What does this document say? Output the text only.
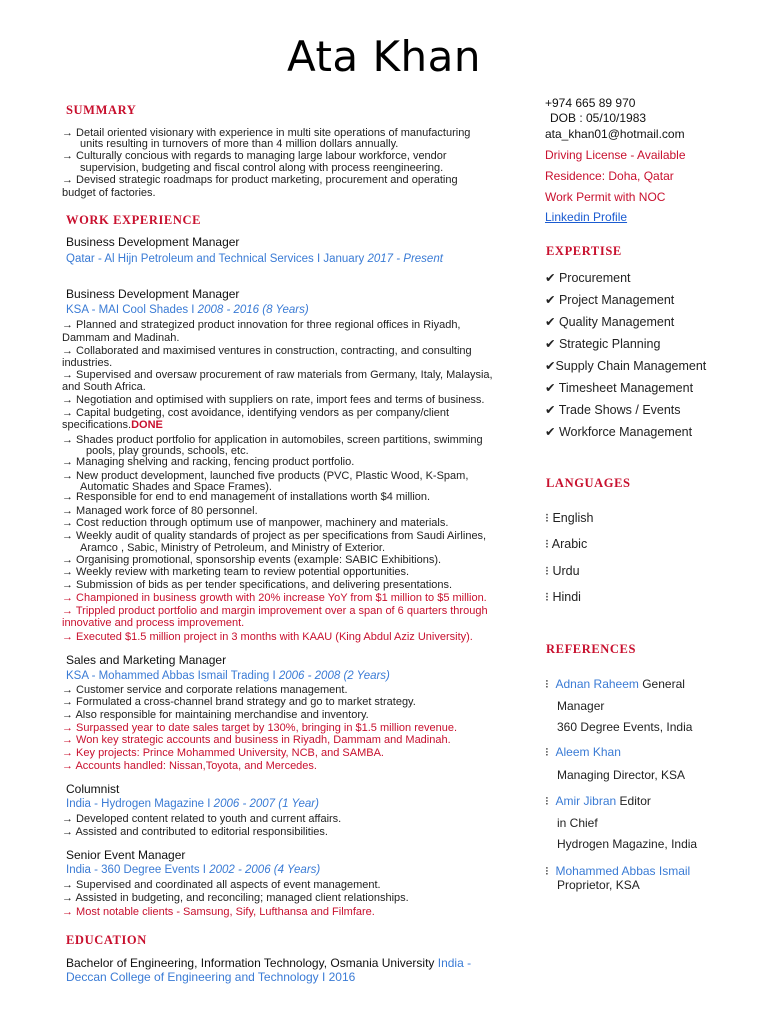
Ata Khan
SUMMARY
→ Detail oriented visionary with experience in multi site operations of manufacturing
units resulting in turnovers of more than 4 million dollars annually.
→ Culturally concious with regards to managing large labour workforce, vendor
supervision, budgeting and fiscal control along with process reengineering.
→ Devised strategic roadmaps for product marketing, procurement and operating
budget of factories.
WORK EXPERIENCE
Business Development Manager
Qatar - Al Hijn Petroleum and Technical Services I January 2017 - Present
Business Development Manager
KSA - MAI Cool Shades I 2008 - 2016 (8 Years)
→ Planned and strategized product innovation for three regional offices in Riyadh,
Dammam and Madinah.
→ Collaborated and maximised ventures in construction, contracting, and consulting
industries.
→ Supervised and oversaw procurement of raw materials from Germany, Italy, Malaysia,
and South Africa.
→ Negotiation and optimised with suppliers on rate, import fees and terms of business.
→ Capital budgeting, cost avoidance, identifying vendors as per company/client
specifications.DONE
→ Shades product portfolio for application in automobiles, screen partitions, swimming
pools, play grounds, schools, etc.
→ Managing shelving and racking, fencing product portfolio.
→ New product development, launched five products (PVC, Plastic Wood, K-Spam,
Automatic Shades and Space Frames).
→ Responsible for end to end management of installations worth $4 million.
→ Managed work force of 80 personnel.
→ Cost reduction through optimum use of manpower, machinery and materials.
→ Weekly audit of quality standards of project as per specifications from Saudi Airlines,
Aramco , Sabic, Ministry of Petroleum, and Ministry of Exterior.
→ Organising promotional, sponsorship events (example: SABIC Exhibitions).
→ Weekly review with marketing team to review potential opportunities.
→ Submission of bids as per tender specifications, and delivering presentations.
→ Championed in business growth with 20% increase YoY from $1 million to $5 million.
→ Trippled product portfolio and margin improvement over a span of 6 quarters through
innovative and process improvement.
→ Executed $1.5 million project in 3 months with KAAU (King Abdul Aziz University).
Sales and Marketing Manager
KSA - Mohammed Abbas Ismail Trading I 2006 - 2008 (2 Years)
→ Customer service and corporate relations management.
→ Formulated a cross-channel brand strategy and go to market strategy.
→ Also responsible for maintaining merchandise and inventory.
→ Surpassed year to date sales target by 130%, bringing in $1.5 million revenue.
→ Won key strategic accounts and business in Riyadh, Dammam and Madinah.
→ Key projects: Prince Mohammed University, NCB, and SAMBA.
→ Accounts handled: Nissan,Toyota, and Mercedes.
Columnist
India - Hydrogen Magazine I 2006 - 2007 (1 Year)
→ Developed content related to youth and current affairs.
→ Assisted and contributed to editorial responsibilities.
Senior Event Manager
India - 360 Degree Events I 2002 - 2006 (4 Years)
→ Supervised and coordinated all aspects of event management.
→ Assisted in budgeting, and reconciling; managed client relationships.
→ Most notable clients - Samsung, Sify, Lufthansa and Filmfare.
EDUCATION
Bachelor of Engineering, Information Technology, Osmania University India -
Deccan College of Engineering and Technology I 2016
+974 665 89 970
DOB : 05/10/1983
ata_khan01@hotmail.com
Driving License - Available
Residence: Doha, Qatar
Work Permit with NOC
Linkedin Profile
EXPERTISE
✔ Procurement
✔ Project Management
✔ Quality Management
✔ Strategic Planning
✔Supply Chain Management
✔ Timesheet Management
✔ Trade Shows / Events
✔ Workforce Management
LANGUAGES
⁝ English
⁝ Arabic
⁝ Urdu
⁝ Hindi
REFERENCES
⁝ Adnan Raheem General
Manager
360 Degree Events, India
⁝ Aleem Khan
Managing Director, KSA
⁝ Amir Jibran Editor
in Chief
Hydrogen Magazine, India
⁝ Mohammed Abbas Ismail
Proprietor, KSA
